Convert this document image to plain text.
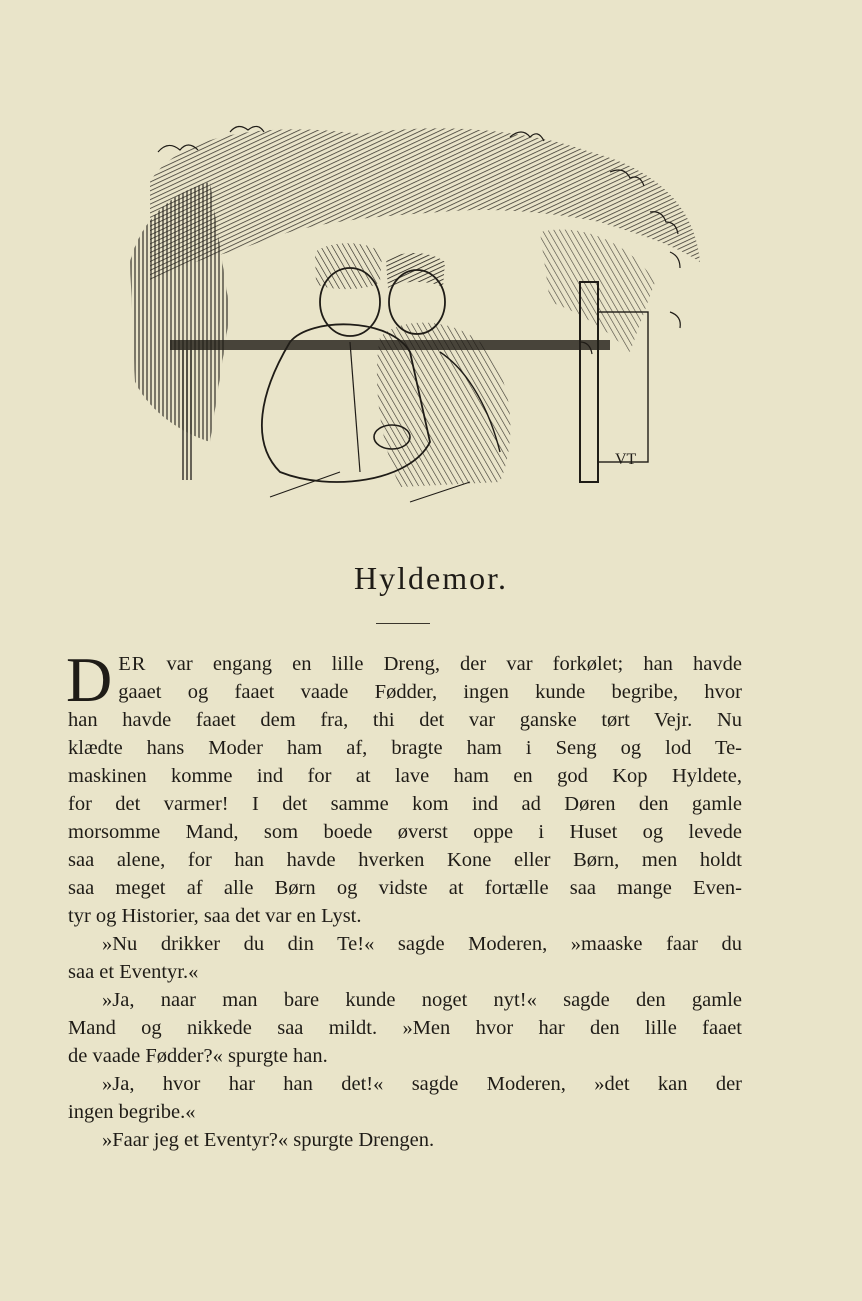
VT
Hyldemor.

D ER var engang en lille Dreng, der var forkølet; han havde
gaaet og faaet vaade Fødder, ingen kunde begribe, hvor
han havde faaet dem fra, thi det var ganske tørt Vejr. Nu
klædte hans Moder ham af, bragte ham i Seng og lod Te-
maskinen komme ind for at lave ham en god Kop Hyldete,
for det varmer! I det samme kom ind ad Døren den gamle
morsomme Mand, som boede øverst oppe i Huset og levede
saa alene, for han havde hverken Kone eller Børn, men holdt
saa meget af alle Børn og vidste at fortælle saa mange Even-
tyr og Historier, saa det var en Lyst.

»Nu drikker du din Te!« sagde Moderen, »maaske faar du
saa et Eventyr.«

»Ja, naar man bare kunde noget nyt!« sagde den gamle
Mand og nikkede saa mildt. »Men hvor har den lille faaet
de vaade Fødder?« spurgte han.

»Ja, hvor har han det!« sagde Moderen, »det kan der
ingen begribe.«

»Faar jeg et Eventyr?« spurgte Drengen.
